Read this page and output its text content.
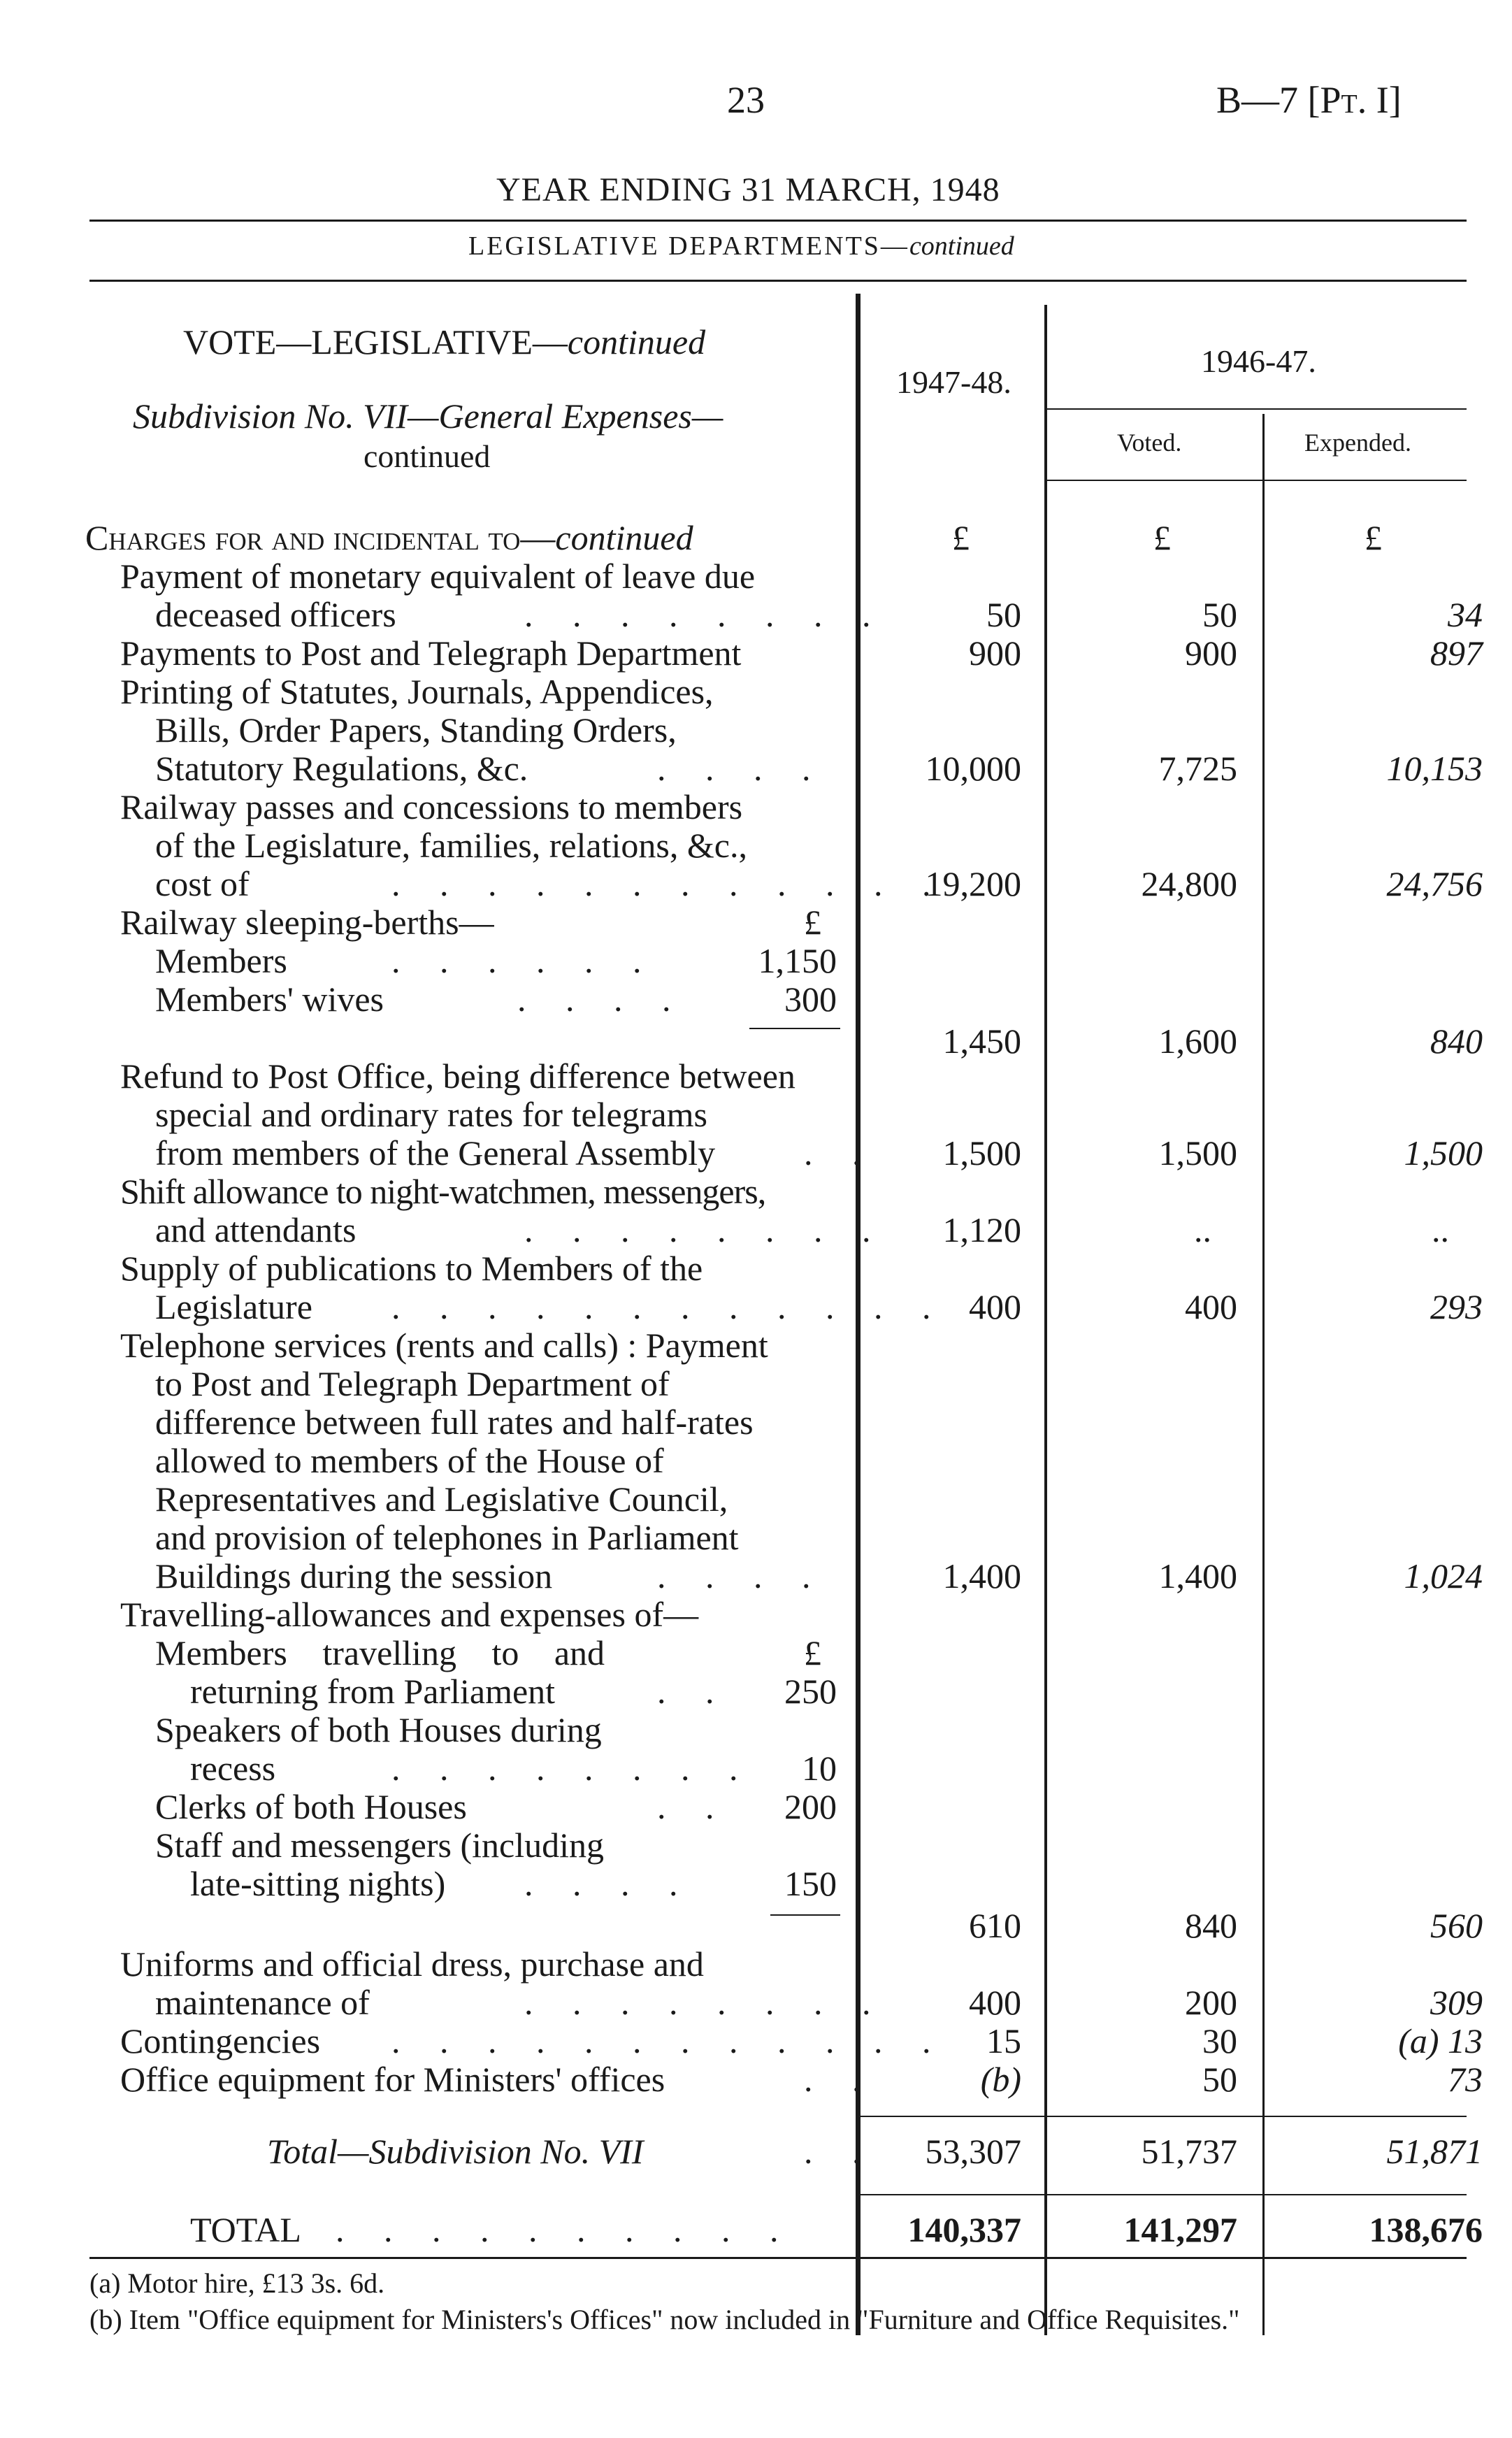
23	B—7 [Pt. I]
YEAR ENDING 31 MARCH, 1948
LEGISLATIVE DEPARTMENTS—continued
VOTE—LEGISLATIVE—continued
Subdivision No. VII—General Expenses—
continued
1947-48.
1946-47.
Voted.	Expended.
Charges for and incidental to—continued	£	£	£
Payment of monetary equivalent of leave due
deceased officers	. . . . . . . .	50	50	34
Payments to Post and Telegraph Department	900	900	897
Printing of Statutes, Journals, Appendices,
Bills, Order Papers, Standing Orders,
Statutory Regulations, &c.	. . . .	10,000	7,725	10,153
Railway passes and concessions to members
of the Legislature, families, relations, &c.,
cost of	. . . . . . . . . . . .
19,200	24,800	24,756
Railway sleeping-berths—	£
Members	. . . . . .	1,150
Members' wives	. . . .	300
1,450	1,600	840
Refund to Post Office, being difference between
special and ordinary rates for telegrams
from members of the General Assembly	. . 1,500	1,500	1,500
Shift allowance to night-watchmen, messengers,
and attendants	. . . . . . . . 1,120	..	..
Supply of publications to Members of the
Legislature . . . . . . . . . . . . 400	400	293
Telephone services (rents and calls) : Payment
to Post and Telegraph Department of
difference between full rates and half-rates
allowed to members of the House of
Representatives and Legislative Council,
and provision of telephones in Parliament
Buildings during the session	. . . .	1,400	1,400	1,024
Travelling-allowances and expenses of—
Members travelling to and	£
returning from Parliament	. . 250
Speakers of both Houses during
recess	. . . . . . . . 10
Clerks of both Houses	. . 200
Staff and messengers (including
late-sitting nights) . . . .	150
610	840	560
Uniforms and official dress, purchase and
maintenance of	. . . . . . . . 400	200	309
Contingencies . . . . . . . . . . . . 15	30	(a) 13
Office equipment for Ministers' offices	. .	(b)	50	73
Total—Subdivision No. VII	. . 53,307	51,737	51,871
TOTAL . . . . . . . . . .	140,337	141,297	138,676
(a) Motor hire, £13 3s. 6d.
(b) Item "Office equipment for Ministers's Offices" now included in "Furniture and Office Requisites."
